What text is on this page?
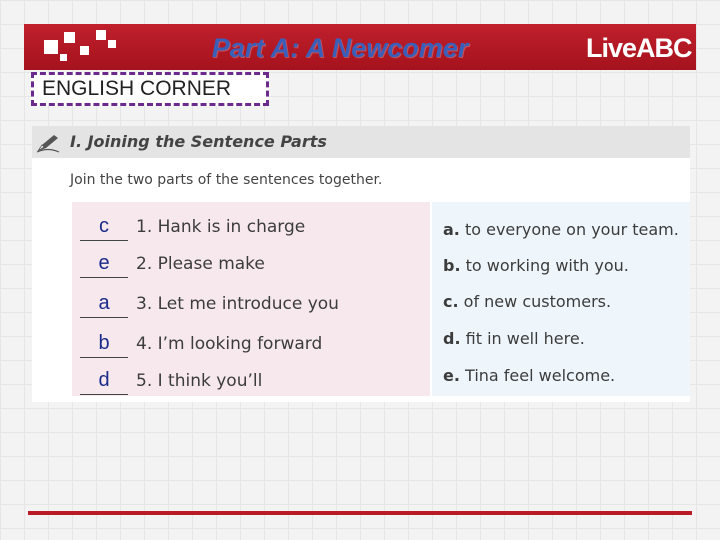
Part A: A Newcomer	LiveABC
ENGLISH CORNER
I. Joining the Sentence Parts
Join the two parts of the sentences together.
c	1. Hank is in charge
e	2. Please make
a	3. Let me introduce you
b	4. I’m looking forward
d	5. I think you’ll
a. to everyone on your team.
b. to working with you.
c. of new customers.
d. fit in well here.
e. Tina feel welcome.
